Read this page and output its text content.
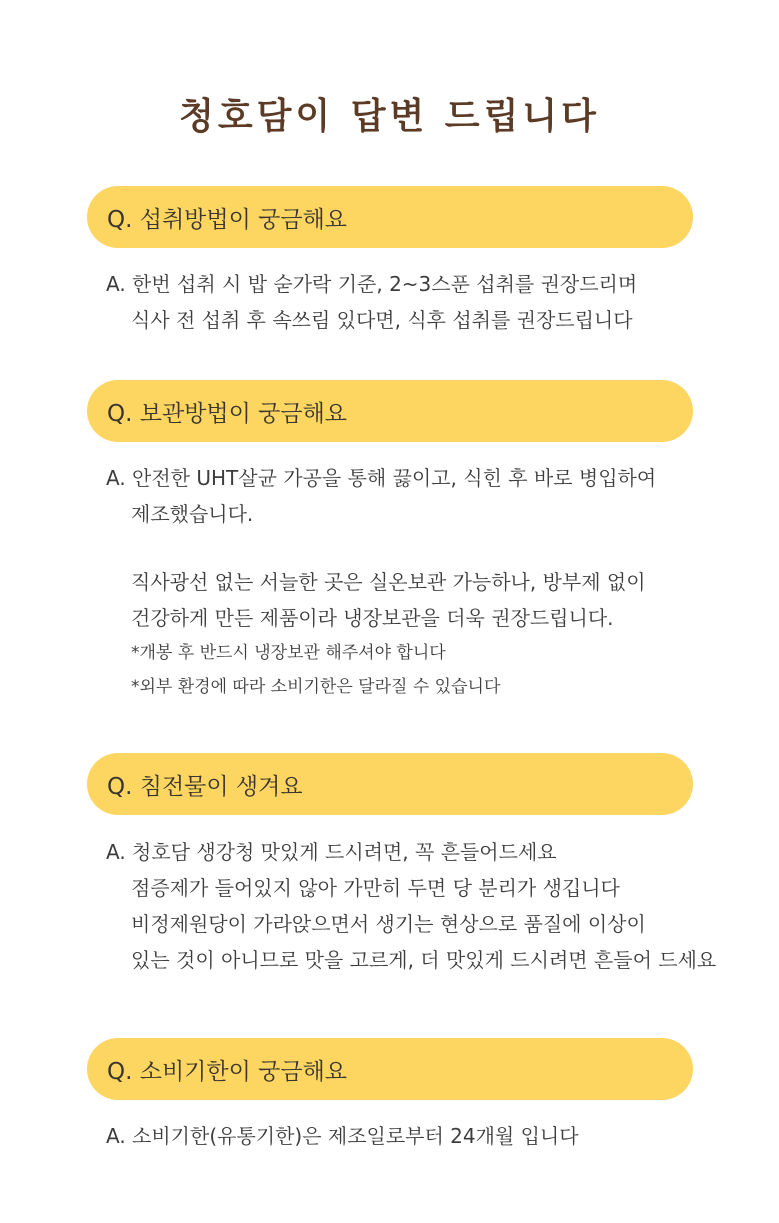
청호담이 답변 드립니다
Q. 섭취방법이 궁금해요
A. 한번 섭취 시 밥 숟가락 기준, 2~3스푼 섭취를 권장드리며
식사 전 섭취 후 속쓰림 있다면, 식후 섭취를 권장드립니다
Q. 보관방법이 궁금해요
A. 안전한 UHT살균 가공을 통해 끓이고, 식힌 후 바로 병입하여
제조했습니다.
직사광선 없는 서늘한 곳은 실온보관 가능하나, 방부제 없이
건강하게 만든 제품이라 냉장보관을 더욱 권장드립니다.
*개봉 후 반드시 냉장보관 해주셔야 합니다
*외부 환경에 따라 소비기한은 달라질 수 있습니다
Q. 침전물이 생겨요
A. 청호담 생강청 맛있게 드시려면, 꼭 흔들어드세요
점증제가 들어있지 않아 가만히 두면 당 분리가 생깁니다
비정제원당이 가라앉으면서 생기는 현상으로 품질에 이상이
있는 것이 아니므로 맛을 고르게, 더 맛있게 드시려면 흔들어 드세요
Q. 소비기한이 궁금해요
A. 소비기한(유통기한)은 제조일로부터 24개월 입니다
